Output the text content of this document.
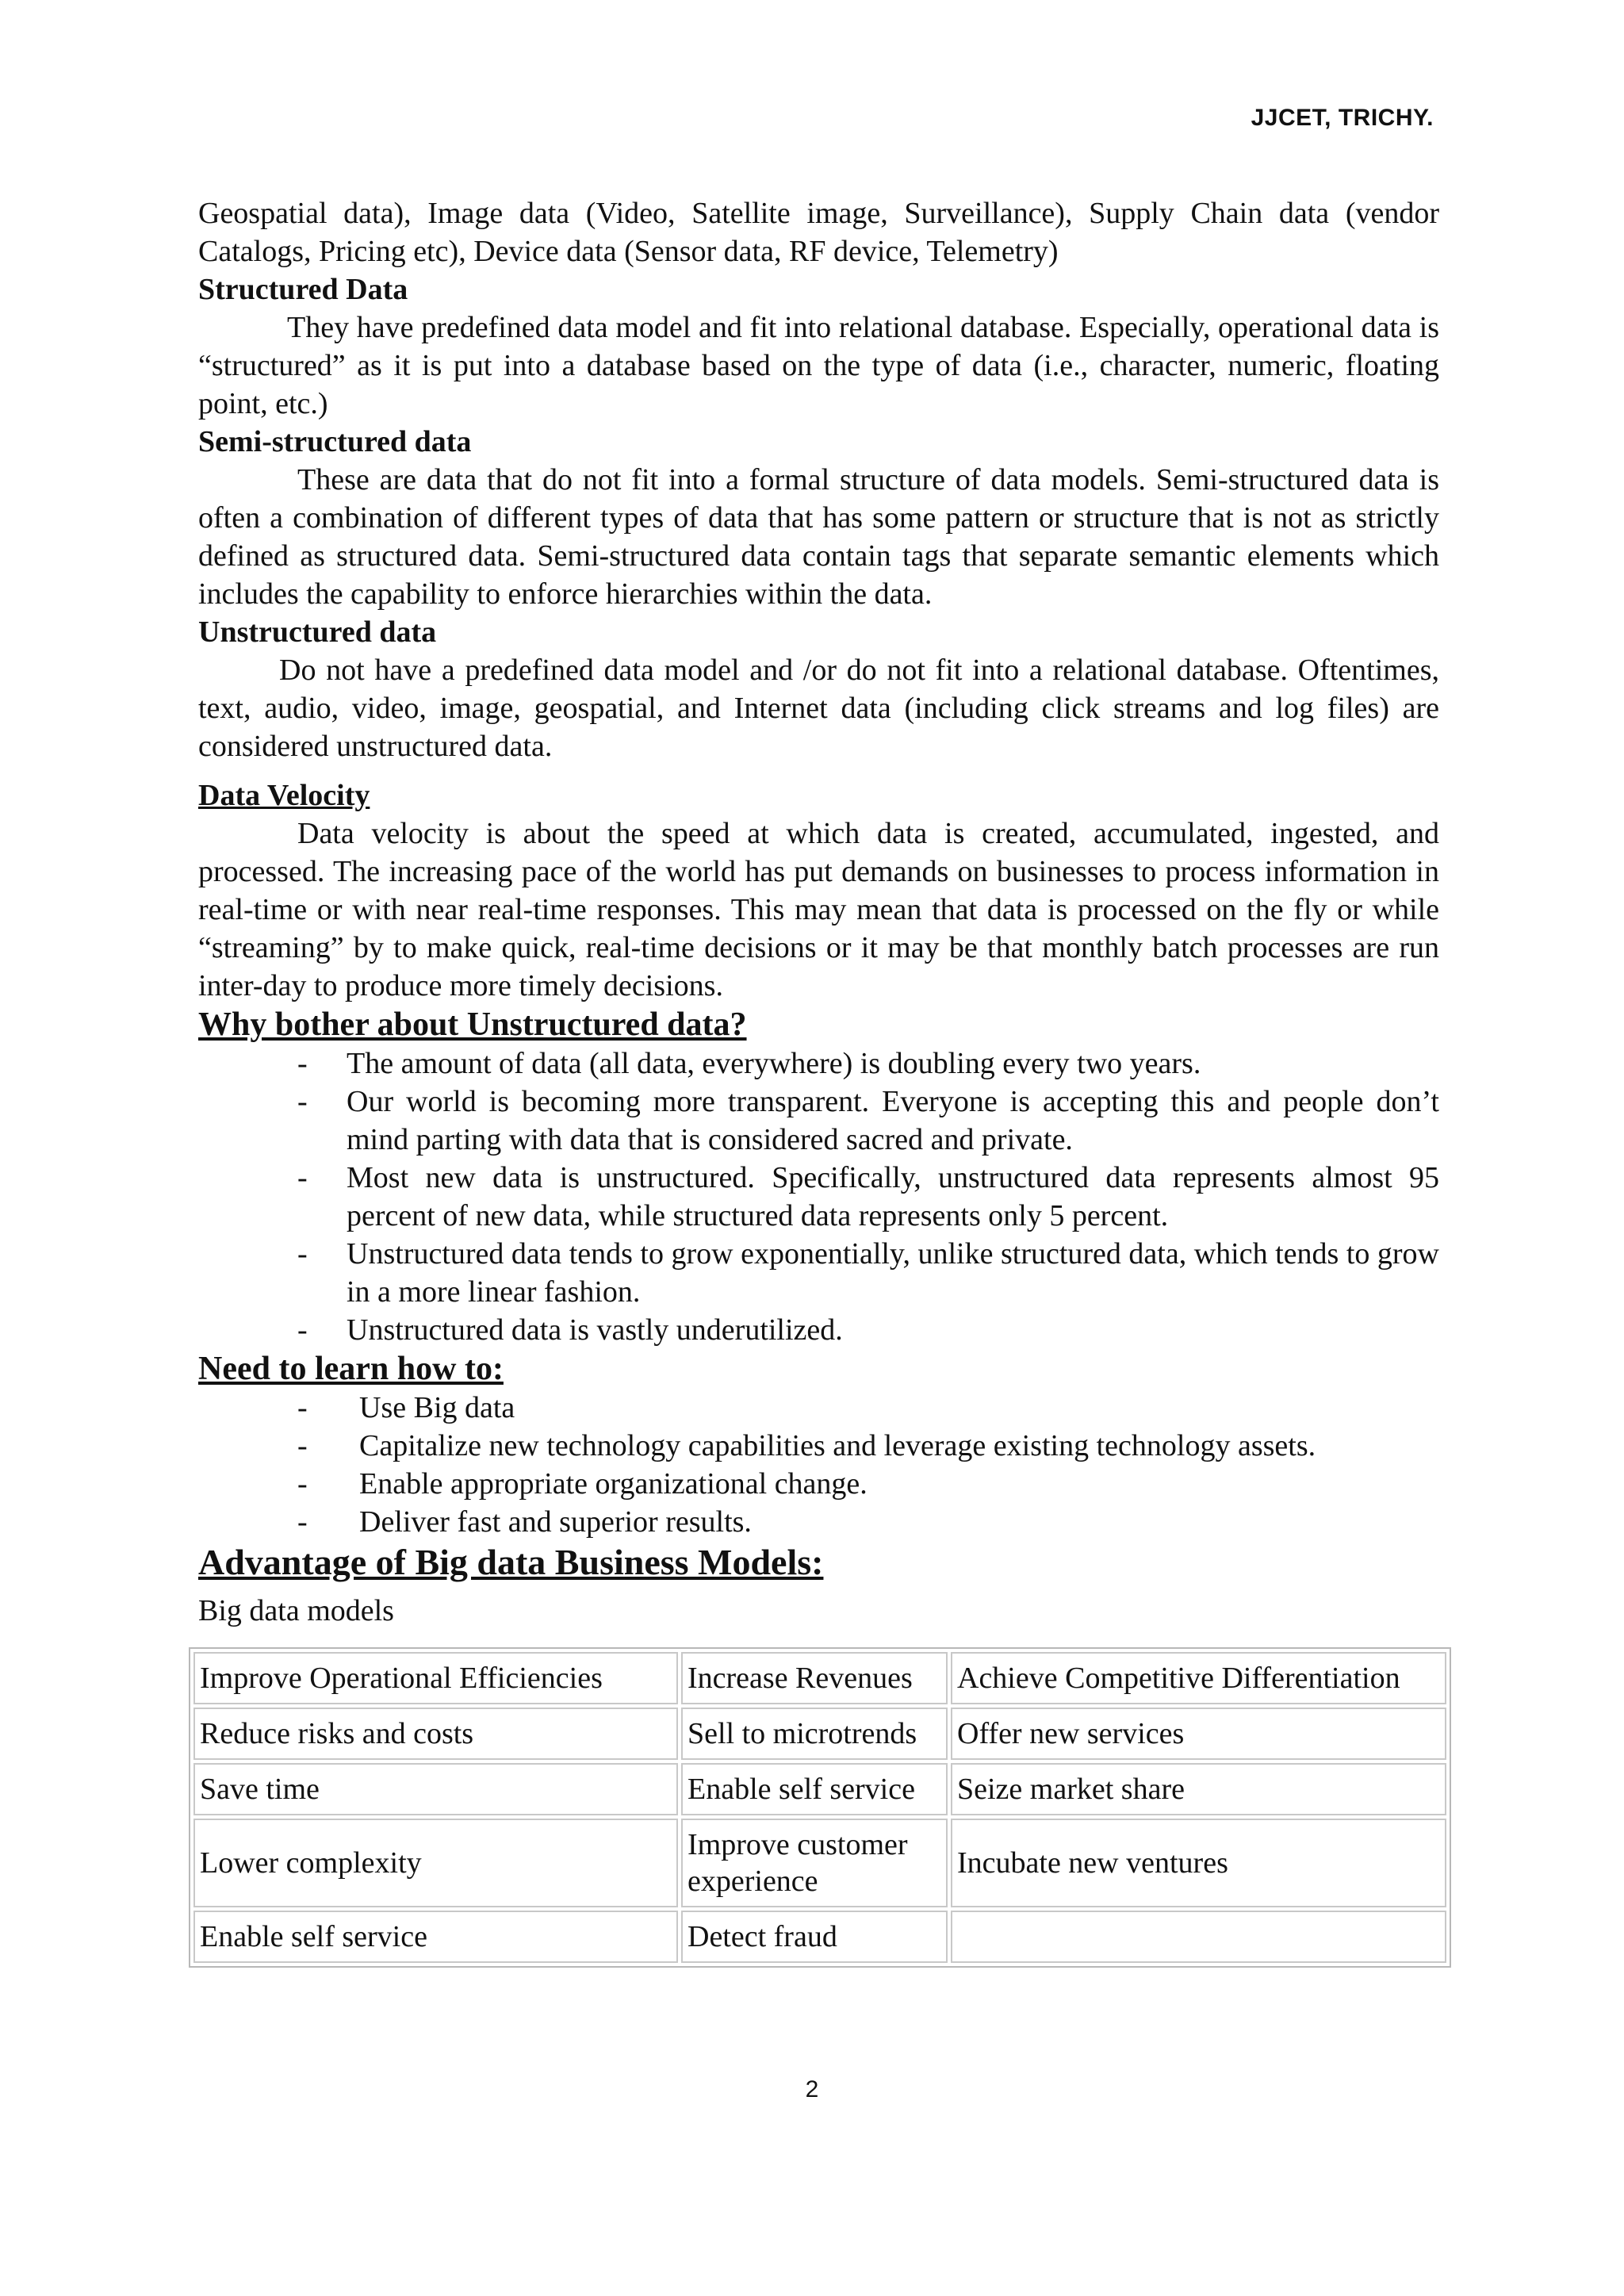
JJCET, TRICHY.

Geospatial data), Image data (Video, Satellite image, Surveillance), Supply Chain data (vendor Catalogs, Pricing etc), Device data (Sensor data, RF device, Telemetry)

Structured Data

They have predefined data model and fit into relational database. Especially, operational data is “structured” as it is put into a database based on the type of data (i.e., character, numeric, floating point, etc.)

Semi-structured data

These are data that do not fit into a formal structure of data models. Semi-structured data is often a combination of different types of data that has some pattern or structure that is not as strictly defined as structured data. Semi-structured data contain tags that separate semantic elements which includes the capability to enforce hierarchies within the data.

Unstructured data

Do not have a predefined data model and /or do not fit into a relational database. Oftentimes, text, audio, video, image, geospatial, and Internet data (including click streams and log files) are considered unstructured data.

Data Velocity

Data velocity is about the speed at which data is created, accumulated, ingested, and processed. The increasing pace of the world has put demands on businesses to process information in real-time or with near real-time responses. This may mean that data is processed on the fly or while “streaming” by to make quick, real-time decisions or it may be that monthly batch processes are run inter-day to produce more timely decisions.

Why bother about Unstructured data?
- The amount of data (all data, everywhere) is doubling every two years.
- Our world is becoming more transparent. Everyone is accepting this and people don’t mind parting with data that is considered sacred and private.
- Most new data is unstructured. Specifically, unstructured data represents almost 95 percent of new data, while structured data represents only 5 percent.
- Unstructured data tends to grow exponentially, unlike structured data, which tends to grow in a more linear fashion.
- Unstructured data is vastly underutilized.
Need to learn how to:
- Use Big data
- Capitalize new technology capabilities and leverage existing technology assets.
- Enable appropriate organizational change.
- Deliver fast and superior results.
Advantage of Big data Business Models:
Big data models
Improve Operational Efficiencies	Increase Revenues	Achieve Competitive Differentiation
Reduce risks and costs	Sell to microtrends	Offer new services
Save time	Enable self service	Seize market share
Lower complexity	Improve customer experience	Incubate new ventures
Enable self service	Detect fraud	
2
